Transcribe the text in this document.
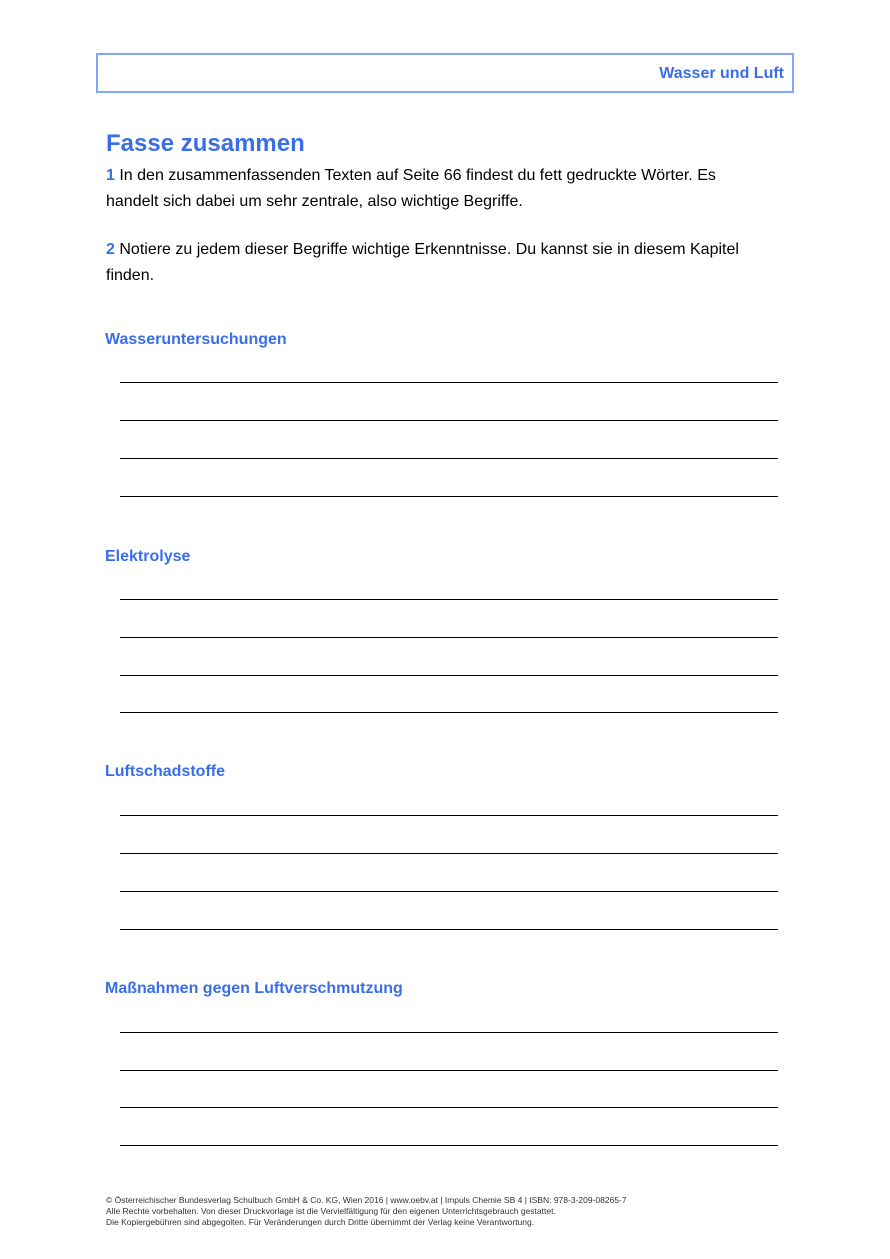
Wasser und Luft
Fasse zusammen

1 In den zusammenfassenden Texten auf Seite 66 findest du fett gedruckte Wörter. Es handelt sich dabei um sehr zentrale, also wichtige Begriffe.

2 Notiere zu jedem dieser Begriffe wichtige Erkenntnisse. Du kannst sie in diesem Kapitel finden.

Wasseruntersuchungen
Elektrolyse
Luftschadstoffe
Maßnahmen gegen Luftverschmutzung
© Österreichischer Bundesverlag Schulbuch GmbH & Co. KG, Wien 2016 | www.oebv.at | Impuls Chemie SB 4 | ISBN: 978-3-209-08265-7
Alle Rechte vorbehalten. Von dieser Druckvorlage ist die Vervielfältigung für den eigenen Unterrichtsgebrauch gestattet.
Die Kopiergebühren sind abgegolten. Für Veränderungen durch Dritte übernimmt der Verlag keine Verantwortung.
